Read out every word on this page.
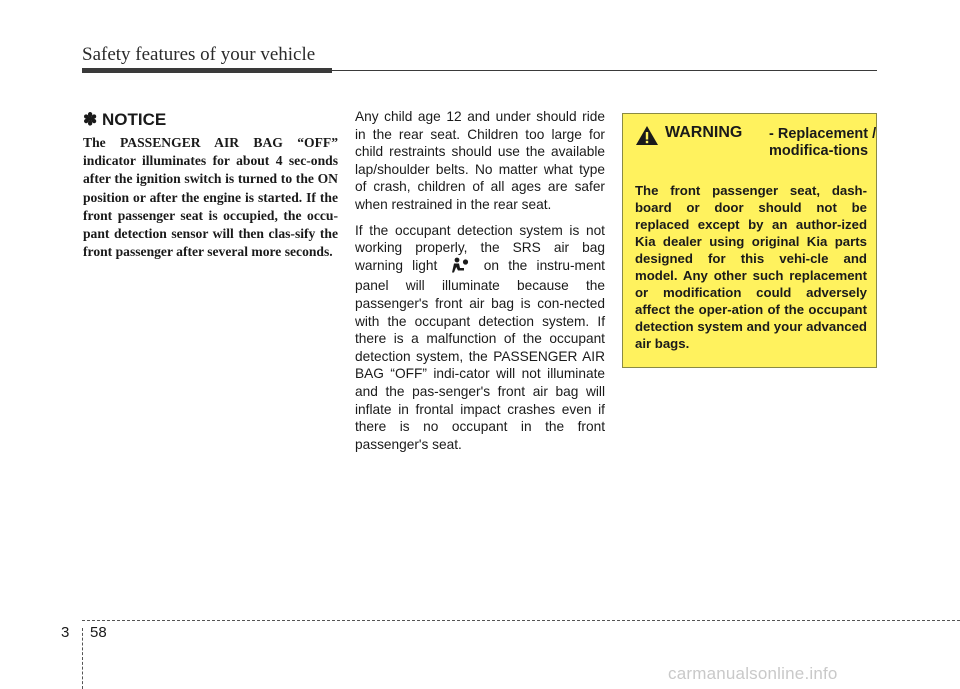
Safety features of your vehicle
✽ NOTICE
The PASSENGER AIR BAG “OFF” indicator illuminates for about 4 sec-onds after the ignition switch is turned to the ON position or after the engine is started. If the front passenger seat is occupied, the occu-pant detection sensor will then clas-sify the front passenger after several more seconds.

Any child age 12 and under should ride in the rear seat. Children too large for child restraints should use the available lap/shoulder belts. No matter what type of crash, children of all ages are safer when restrained in the rear seat.

If the occupant detection system is not working properly, the SRS air bag warning light	on the instru-ment panel will illuminate because the passenger's front air bag is con-nected with the occupant detection system. If there is a malfunction of the occupant detection system, the PASSENGER AIR BAG “OFF” indi-cator will not illuminate and the pas-senger's front air bag will inflate in frontal impact crashes even if there is no occupant in the front passenger's seat.

WARNING - Replacement / modifica-tions
The front passenger seat, dash-board or door should not be replaced except by an author-ized Kia dealer using original Kia parts designed for this vehi-cle and model. Any other such replacement or modification could adversely affect the oper-ation of the occupant detection system and your advanced air bags.
3 58
carmanualsonline.info
